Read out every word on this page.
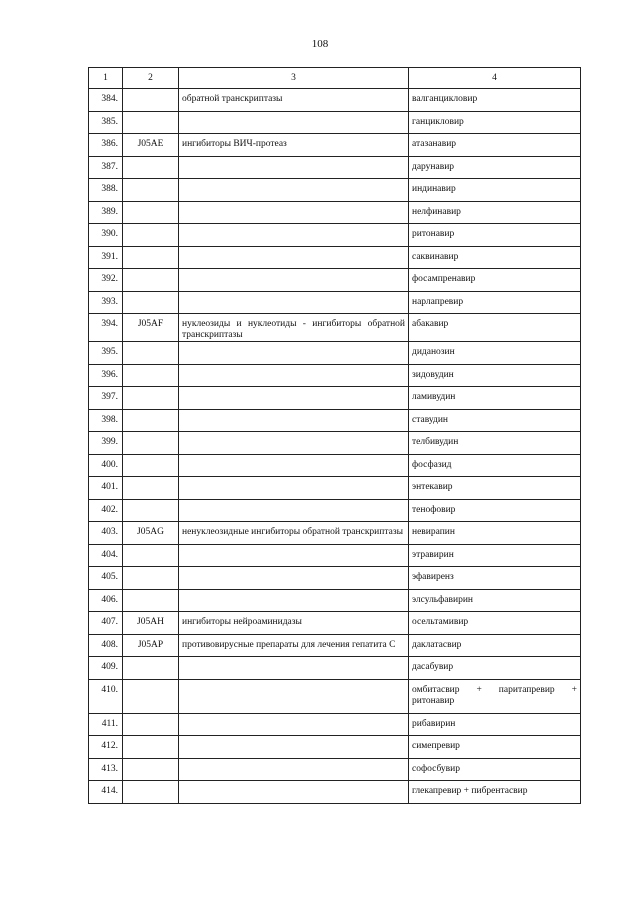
108
1	2	3	4
384.		обратной транскриптазы	валганцикловир
385.			ганцикловир
386.	J05AE	ингибиторы ВИЧ-протеаз	атазанавир
387.			дарунавир
388.			индинавир
389.			нелфинавир
390.			ритонавир
391.			саквинавир
392.			фосампренавир
393.			нарлапревир
394.	J05AF	нуклеозиды и нуклеотиды - ингибиторы обратной транскриптазы	абакавир
395.			диданозин
396.			зидовудин
397.			ламивудин
398.			ставудин
399.			телбивудин
400.			фосфазид
401.			энтекавир
402.			тенофовир
403.	J05AG	ненуклеозидные ингибиторы обратной транскриптазы	невирапин
404.			этравирин
405.			эфавиренз
406.			элсульфавирин
407.	J05AH	ингибиторы нейроаминидазы	осельтамивир
408.	J05AP	противовирусные препараты для лечения гепатита С	даклатасвир
409.			дасабувир
410.			омбитасвир + паритапревир + ритонавир
411.			рибавирин
412.			симепревир
413.			софосбувир
414.			глекапревир + пибрентасвир
